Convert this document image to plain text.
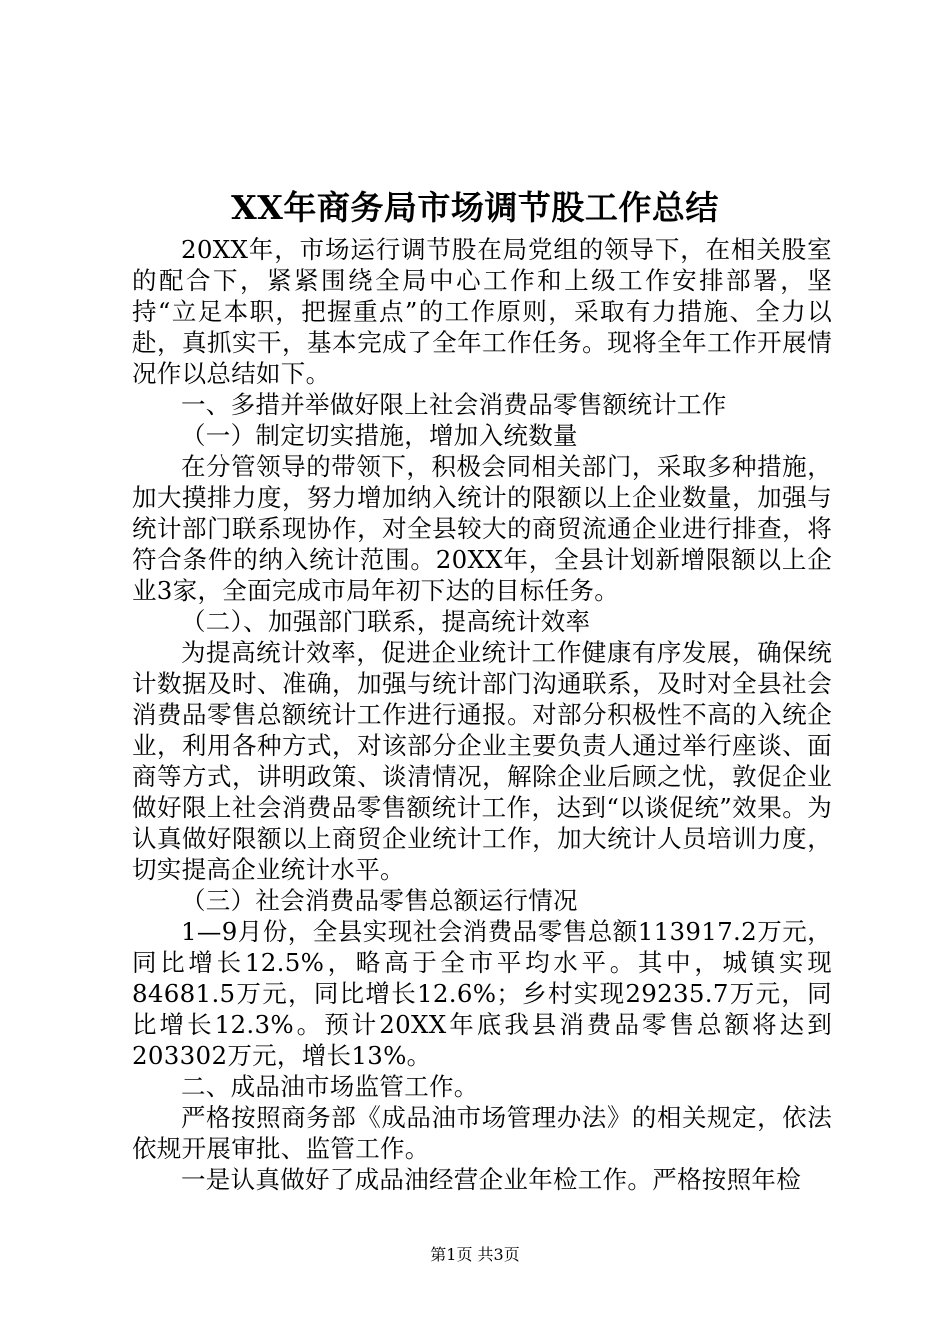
XX年商务局市场调节股工作总结

20XX年，市场运行调节股在局党组的领导下，在相关股室的配合下，紧紧围绕全局中心工作和上级工作安排部署，坚持“立足本职，把握重点”的工作原则，采取有力措施、全力以赴，真抓实干，基本完成了全年工作任务。现将全年工作开展情况作以总结如下。

一、多措并举做好限上社会消费品零售额统计工作

（一）制定切实措施，增加入统数量

在分管领导的带领下，积极会同相关部门，采取多种措施，加大摸排力度，努力增加纳入统计的限额以上企业数量，加强与统计部门联系现协作，对全县较大的商贸流通企业进行排查，将符合条件的纳入统计范围。20XX年，全县计划新增限额以上企业3家，全面完成市局年初下达的目标任务。

（二）、加强部门联系，提高统计效率

为提高统计效率，促进企业统计工作健康有序发展，确保统计数据及时、准确，加强与统计部门沟通联系，及时对全县社会消费品零售总额统计工作进行通报。对部分积极性不高的入统企业，利用各种方式，对该部分企业主要负责人通过举行座谈、面商等方式，讲明政策、谈清情况，解除企业后顾之忧，敦促企业做好限上社会消费品零售额统计工作，达到“以谈促统”效果。为认真做好限额以上商贸企业统计工作，加大统计人员培训力度，切实提高企业统计水平。

（三）社会消费品零售总额运行情况

1—9月份，全县实现社会消费品零售总额113917.2万元，同比增长12.5%，略高于全市平均水平。其中，城镇实现84681.5万元，同比增长12.6%；乡村实现29235.7万元，同比增长12.3%。预计20XX年底我县消费品零售总额将达到203302万元，增长13%。

二、成品油市场监管工作。

严格按照商务部《成品油市场管理办法》的相关规定，依法依规开展审批、监管工作。

一是认真做好了成品油经营企业年检工作。严格按照年检

第1页 共3页
